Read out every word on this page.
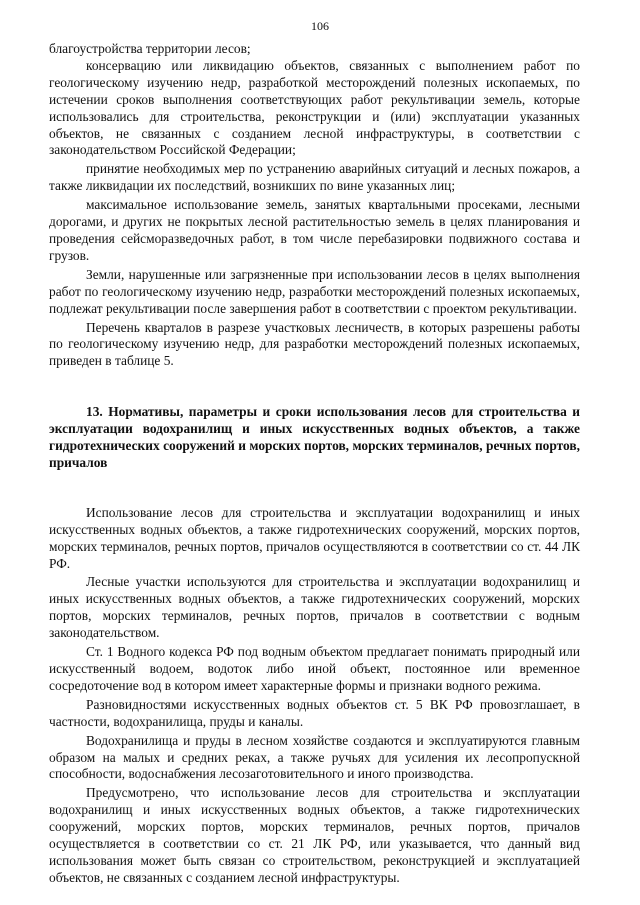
106

благоустройства территории лесов;

консервацию или ликвидацию объектов, связанных с выполнением работ по геологическому изучению недр, разработкой месторождений полезных ископаемых, по истечении сроков выполнения соответствующих работ рекультивации земель, которые использовались для строительства, реконструкции и (или) эксплуатации указанных объектов, не связанных с созданием лесной инфраструктуры, в соответствии с законодательством Российской Федерации;

принятие необходимых мер по устранению аварийных ситуаций и лесных пожаров, а также ликвидации их последствий, возникших по вине указанных лиц;

максимальное использование земель, занятых квартальными просеками, лесными дорогами, и других не покрытых лесной растительностью земель в целях планирования и проведения сейсморазведочных работ, в том числе перебазировки подвижного состава и грузов.

Земли, нарушенные или загрязненные при использовании лесов в целях выполнения работ по геологическому изучению недр, разработки месторождений полезных ископаемых, подлежат рекультивации после завершения работ в соответствии с проектом рекультивации.

Перечень кварталов в разрезе участковых лесничеств, в которых разрешены работы по геологическому изучению недр, для разработки месторождений полезных ископаемых, приведен в таблице 5.

13. Нормативы, параметры и сроки использования лесов для строительства и эксплуатации водохранилищ и иных искусственных водных объектов, а также гидротехнических сооружений и морских портов, морских терминалов, речных портов, причалов

Использование лесов для строительства и эксплуатации водохранилищ и иных искусственных водных объектов, а также гидротехнических сооружений, морских портов, морских терминалов, речных портов, причалов осуществляются в соответствии со ст. 44 ЛК РФ.

Лесные участки используются для строительства и эксплуатации водохранилищ и иных искусственных водных объектов, а также гидротехнических сооружений, морских портов, морских терминалов, речных портов, причалов в соответствии с водным законодательством.

Ст. 1 Водного кодекса РФ под водным объектом предлагает понимать природный или искусственный водоем, водоток либо иной объект, постоянное или временное сосредоточение вод в котором имеет характерные формы и признаки водного режима.

Разновидностями искусственных водных объектов ст. 5 ВК РФ провозглашает, в частности, водохранилища, пруды и каналы.

Водохранилища и пруды в лесном хозяйстве создаются и эксплуатируются главным образом на малых и средних реках, а также ручьях для усиления их лесопропускной способности, водоснабжения лесозаготовительного и иного производства.

Предусмотрено, что использование лесов для строительства и эксплуатации водохранилищ и иных искусственных водных объектов, а также гидротехнических сооружений, морских портов, морских терминалов, речных портов, причалов осуществляется в соответствии со ст. 21 ЛК РФ, или указывается, что данный вид использования может быть связан со строительством, реконструкцией и эксплуатацией объектов, не связанных с созданием лесной инфраструктуры.
